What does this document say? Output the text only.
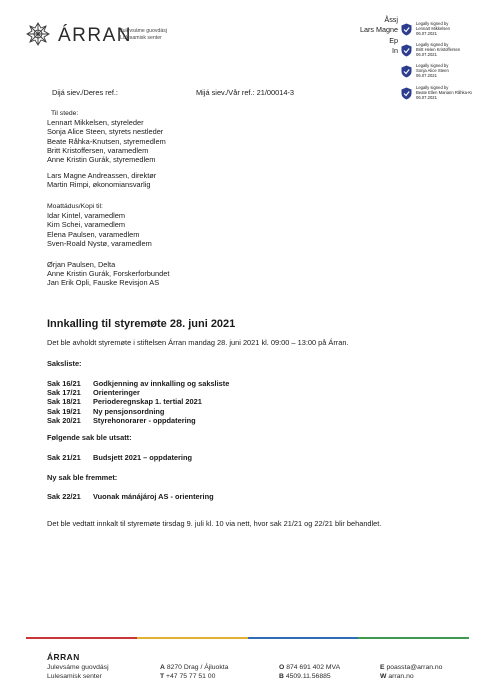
ÁRRAN
Julevsáme guovdásj
Lulesamisk senter
Åssj
Lars Magne
Ep
In
Legally signed by
Lennart Mikkelsen
06.07.2021
Legally signed by
Britt Helen Kristoffersen
06.07.2021
Legally signed by
Sonja Alice Steen
06.07.2021
Legally signed by
Beate Ellen Mariann Råhka-Kı
06.07.2021
Dijá siev./Deres ref.:	Mijá siev./Vår ref.: 21/00014-3
Til stede:
Lennart Mikkelsen, styreleder
Sonja Alice Steen, styrets nestleder
Beate Råhka-Knutsen, styremedlem
Britt Kristoffersen, varamedlem
Anne Kristin Gurák, styremedlem
Lars Magne Andreassen, direktør
Martin Rimpi, økonomiansvarlig
Moattádus/Kopi til:
Idar Kintel, varamedlem
Kim Schei, varamedlem
Elena Paulsen, varamedlem
Sven-Roald Nystø, varamedlem
Ørjan Paulsen, Delta
Anne Kristin Gurák, Forskerforbundet
Jan Erik Opli, Fauske Revisjon AS
Innkalling til styremøte 28. juni 2021
Det ble avholdt styremøte i stiftelsen Árran mandag 28. juni 2021 kl. 09:00 – 13:00 på Árran.
Saksliste:
Sak 16/21 Godkjenning av innkalling og saksliste
Sak 17/21 Orienteringer
Sak 18/21 Perioderegnskap 1. tertial 2021
Sak 19/21 Ny pensjonsordning
Sak 20/21 Styrehonorarer - oppdatering
Følgende sak ble utsatt:
Sak 21/21 Budsjett 2021 – oppdatering
Ny sak ble fremmet:
Sak 22/21 Vuonak mánájároj AS - orientering
Det ble vedtatt innkalt til styremøte tirsdag 9. juli kl. 10 via nett, hvor sak 21/21 og 22/21 blir behandlet.
ÁRRAN
Julevsáme guovdásj
Lulesamisk senter
A 8270 Drag / Ájluokta
T +47 75 77 51 00
O 874 691 402 MVA
B 4509.11.56885
E poassta@arran.no
W arran.no
